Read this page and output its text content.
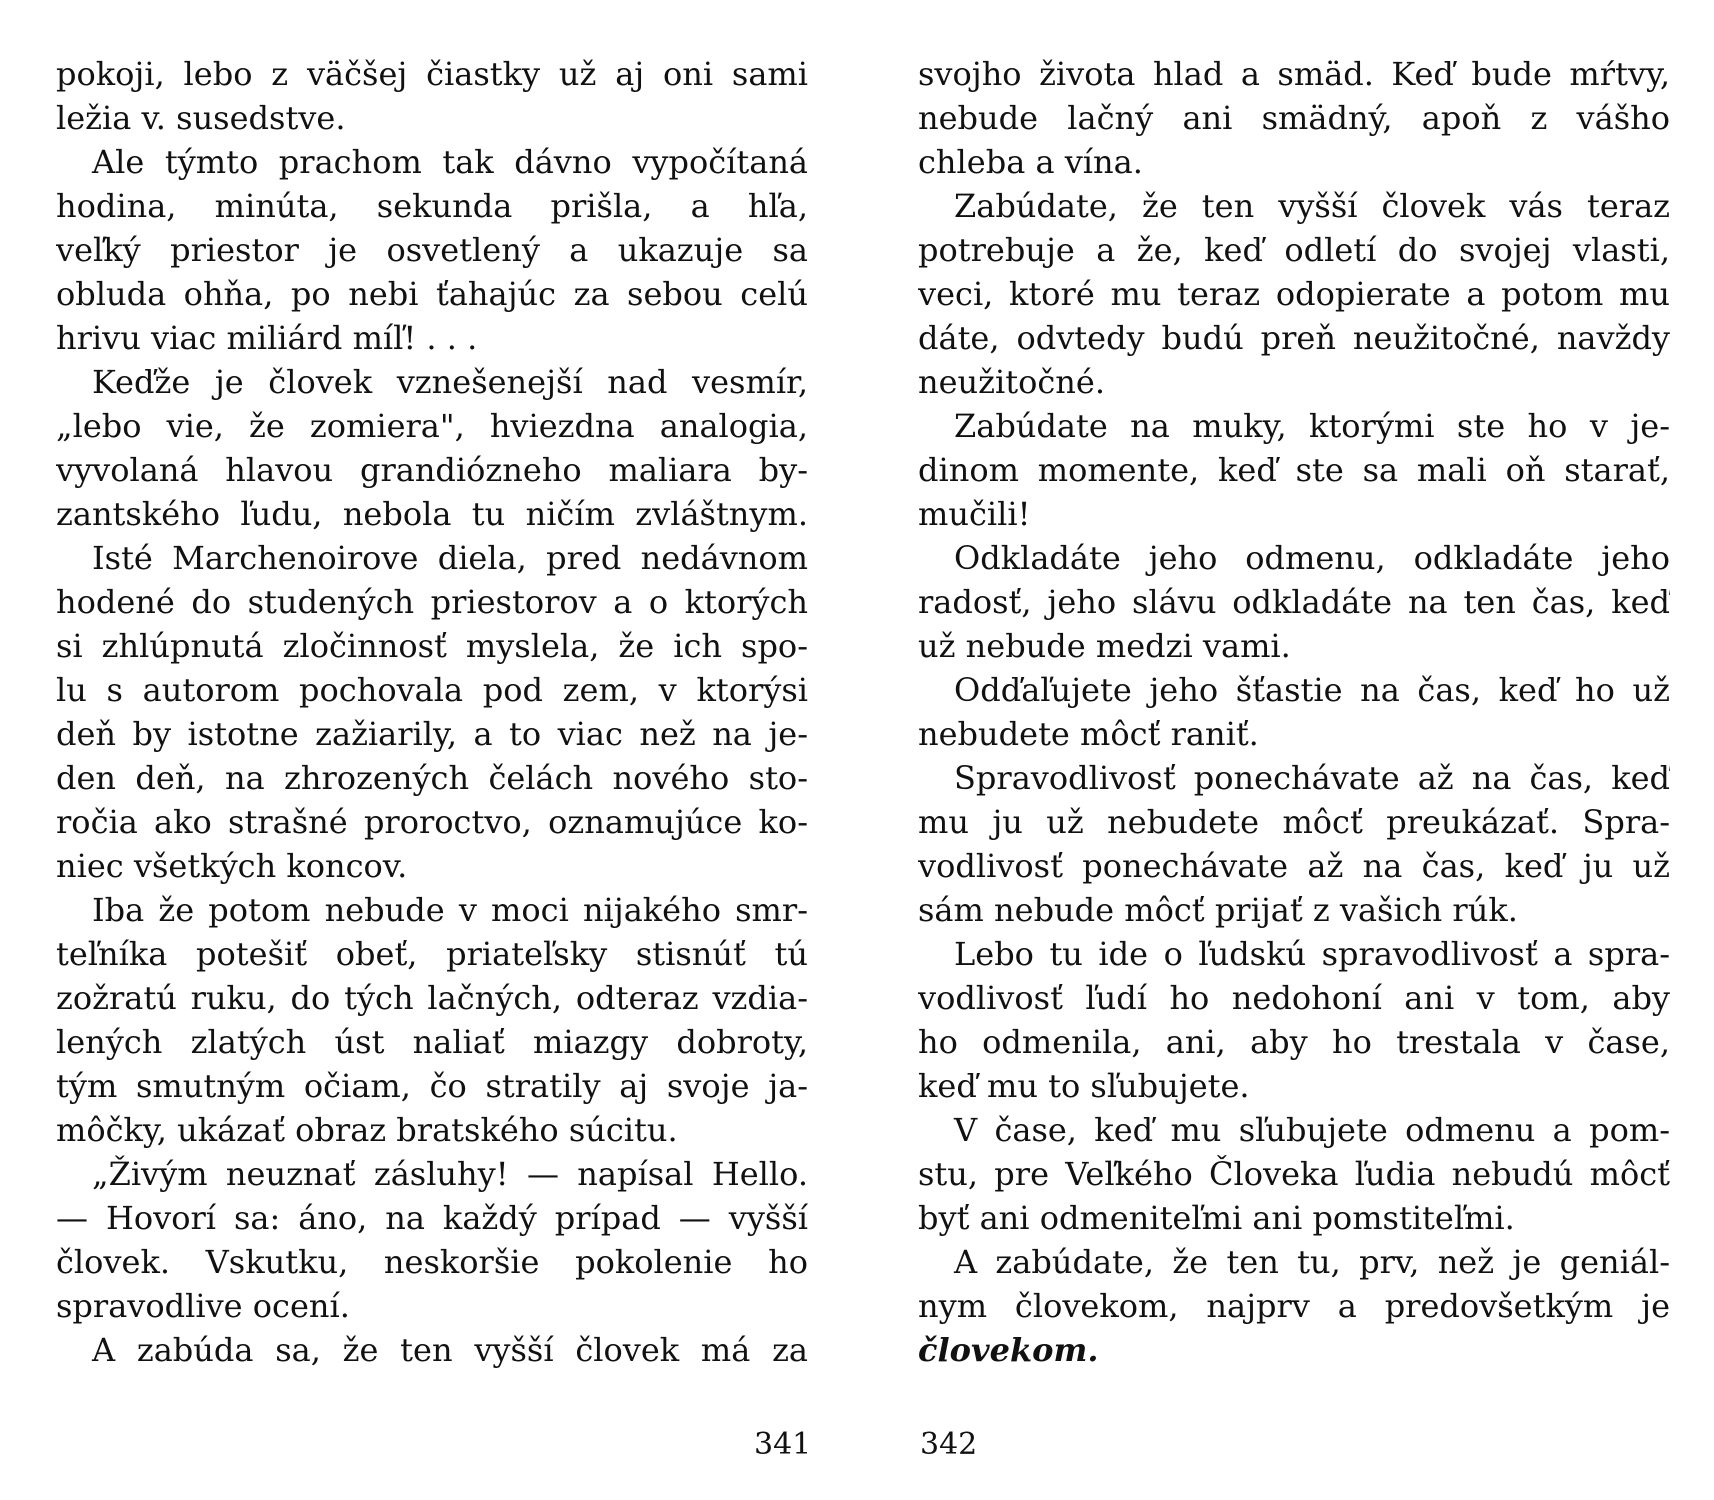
pokoji, lebo z väčšej čiastky už aj oni sami
ležia v. susedstve.
Ale týmto prachom tak dávno vypočítaná
hodina, minúta, sekunda prišla, a hľa,
veľký priestor je osvetlený a ukazuje sa
obluda ohňa, po nebi ťahajúc za sebou celú
hrivu viac miliárd míľ! . . .
Keďže je človek vznešenejší nad vesmír,
„lebo vie, že zomiera", hviezdna analogia,
vyvolaná hlavou grandiózneho maliara by-
zantského ľudu, nebola tu ničím zvláštnym.
Isté Marchenoirove diela, pred nedávnom
hodené do studených priestorov a o ktorých
si zhlúpnutá zločinnosť myslela, že ich spo-
lu s autorom pochovala pod zem, v ktorýsi
deň by istotne zažiarily, a to viac než na je-
den deň, na zhrozených čelách nového sto-
ročia ako strašné proroctvo, oznamujúce ko-
niec všetkých koncov.
Iba že potom nebude v moci nijakého smr-
teľníka potešiť obeť, priateľsky stisnúť tú
zožratú ruku, do tých lačných, odteraz vzdia-
lených zlatých úst naliať miazgy dobroty,
tým smutným očiam, čo stratily aj svoje ja-
môčky, ukázať obraz bratského súcitu.
„Živým neuznať zásluhy! — napísal Hello.
— Hovorí sa: áno, na každý prípad — vyšší
človek. Vskutku, neskoršie pokolenie ho
spravodlive ocení.
A zabúda sa, že ten vyšší človek má za
svojho života hlad a smäd. Keď bude mŕtvy,
nebude lačný ani smädný, apoň z vášho
chleba a vína.
Zabúdate, že ten vyšší človek vás teraz
potrebuje a že, keď odletí do svojej vlasti,
veci, ktoré mu teraz odopierate a potom mu
dáte, odvtedy budú preň neužitočné, navždy
neužitočné.
Zabúdate na muky, ktorými ste ho v je-
dinom momente, keď ste sa mali oň starať,
mučili!
Odkladáte jeho odmenu, odkladáte jeho
radosť, jeho slávu odkladáte na ten čas, keď
už nebude medzi vami.
Odďaľujete jeho šťastie na čas, keď ho už
nebudete môcť raniť.
Spravodlivosť ponechávate až na čas, keď
mu ju už nebudete môcť preukázať. Spra-
vodlivosť ponechávate až na čas, keď ju už
sám nebude môcť prijať z vašich rúk.
Lebo tu ide o ľudskú spravodlivosť a spra-
vodlivosť ľudí ho nedohoní ani v tom, aby
ho odmenila, ani, aby ho trestala v čase,
keď mu to sľubujete.
V čase, keď mu sľubujete odmenu a pom-
stu, pre Veľkého Človeka ľudia nebudú môcť
byť ani odmeniteľmi ani pomstiteľmi.
A zabúdate, že ten tu, prv, než je geniál-
nym človekom, najprv a predovšetkým je
človekom.
341	342
